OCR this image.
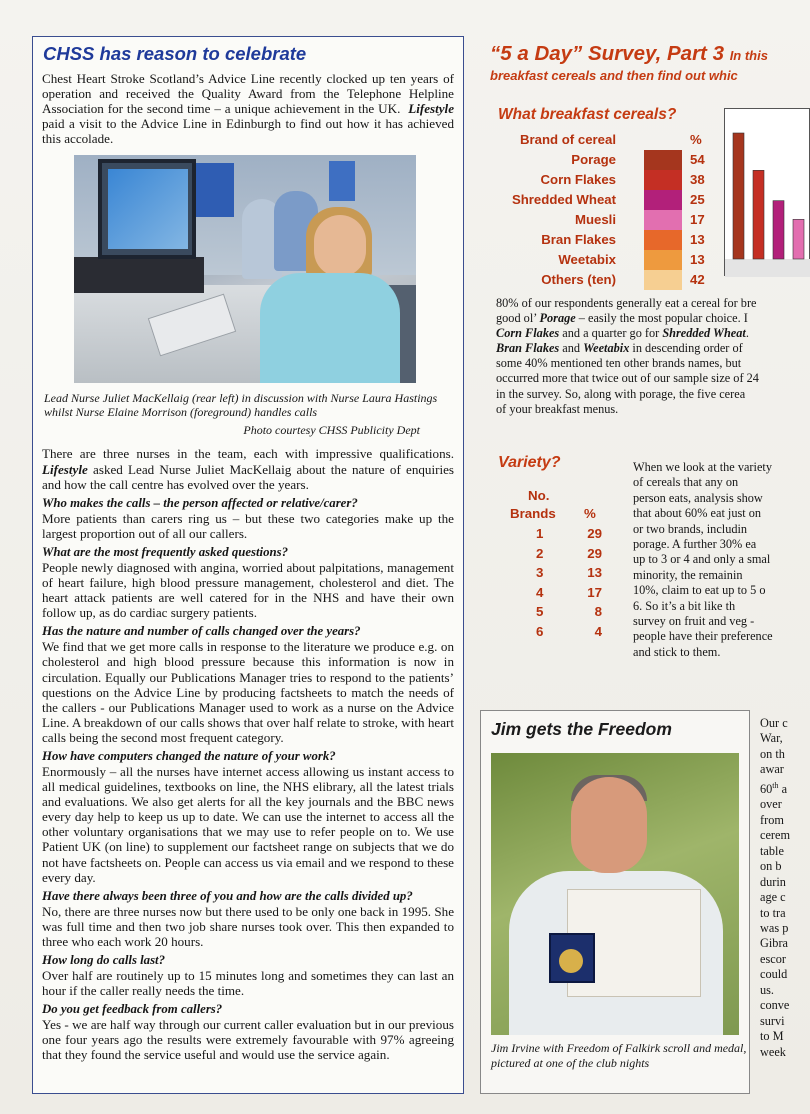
CHSS has reason to celebrate

Chest Heart Stroke Scotland’s Advice Line recently clocked up ten years of operation and received the Quality Award from the Telephone Helpline Association for the second time – a unique achievement in the UK. Lifestyle paid a visit to the Advice Line in Edinburgh to find out how it has achieved this accolade.

Lead Nurse Juliet MacKellaig (rear left) in discussion with Nurse Laura Hastings whilst Nurse Elaine Morrison (foreground) handles calls

Photo courtesy CHSS Publicity Dept

There are three nurses in the team, each with impressive qualifications. Lifestyle asked Lead Nurse Juliet MacKellaig about the nature of enquiries and how the call centre has evolved over the years.

Who makes the calls – the person affected or relative/carer?

More patients than carers ring us – but these two categories make up the largest proportion out of all our callers.

What are the most frequently asked questions?

People newly diagnosed with angina, worried about palpitations, management of heart failure, high blood pressure management, cholesterol and diet. The heart attack patients are well catered for in the NHS and have their own follow up, as do cardiac surgery patients.

Has the nature and number of calls changed over the years?

We find that we get more calls in response to the literature we produce e.g. on cholesterol and high blood pressure because this information is now in circulation. Equally our Publications Manager tries to respond to the patients’ questions on the Advice Line by producing factsheets to match the needs of the callers - our Publications Manager used to work as a nurse on the Advice Line. A breakdown of our calls shows that over half relate to stroke, with heart calls being the second most frequent category.

How have computers changed the nature of your work?

Enormously – all the nurses have internet access allowing us instant access to all medical guidelines, textbooks on line, the NHS elibrary, all the latest trials and evaluations. We also get alerts for all the key journals and the BBC news every day help to keep us up to date. We can use the internet to access all the other voluntary organisations that we may use to refer people on to. We use Patient UK (on line) to supplement our factsheet range on subjects that we do not have factsheets on. People can access us via email and we respond to these every day.

Have there always been three of you and how are the calls divided up?

No, there are three nurses now but there used to be only one back in 1995. She was full time and then two job share nurses took over. This then expanded to three who each work 20 hours.

How long do calls last?

Over half are routinely up to 15 minutes long and sometimes they can last an hour if the caller really needs the time.

Do you get feedback from callers?

Yes - we are half way through our current caller evaluation but in our previous one four years ago the results were extremely favourable with 97% agreeing that they found the service useful and would use the service again.

“5 a Day” Survey, Part 3 In this
breakfast cereals and then find out whic
What breakfast cereals?
Brand of cereal	%
Porage	54
Corn Flakes	38
Shredded Wheat	25
Muesli	17
Bran Flakes	13
Weetabix	13
Others (ten)	42
80% of our respondents generally eat a cereal for bre
good ol’ Porage – easily the most popular choice. I
Corn Flakes and a quarter go for Shredded Wheat.
Bran Flakes and Weetabix in descending order of
some 40% mentioned ten other brands names, but
occurred more that twice out of our sample size of 24
in the survey. So, along with porage, the five cerea
of your breakfast menus.
Variety?
No.
Brands %
1	29
2	29
3	13
4	17
5	8
6	4
When we look at the variety
of cereals that any on
person eats, analysis show
that about 60% eat just on
or two brands, includin
porage. A further 30% ea
up to 3 or 4 and only a smal
minority, the remainin
10%, claim to eat up to 5 o
6. So it’s a bit like th
survey on fruit and veg -
people have their preference
and stick to them.
Jim gets the Freedom

Jim Irvine with Freedom of Falkirk scroll and medal, pictured at one of the club nights

Our c
War,
on th
awar
60th a
over
from
cerem
table
on b
durin
age c
to tra
was p
Gibra
escor
could
us.
conve
survi
to M
week
